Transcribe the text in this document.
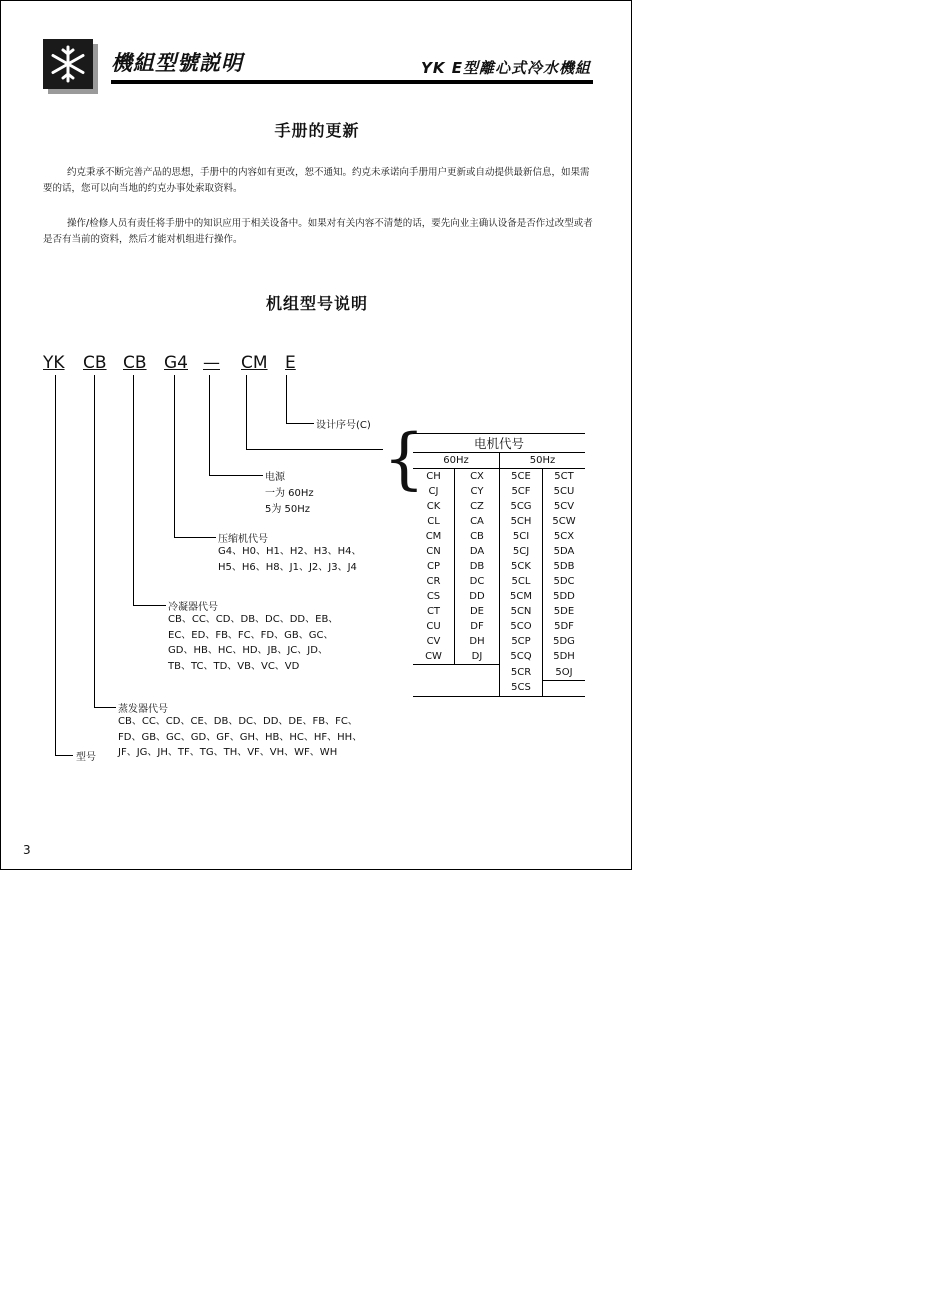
機組型號説明	YK E型離心式冷水機組
手册的更新
约克秉承不断完善产品的思想，手册中的内容如有更改，恕不通知。约克未承诺向手册用户更新或自动提供最新信息，如果需要的话，您可以向当地的约克办事处索取资料。
操作/检修人员有责任将手册中的知识应用于相关设备中。如果对有关内容不清楚的话，要先向业主确认设备是否作过改型或者是否有当前的资料，然后才能对机组进行操作。
机组型号说明
YK CB CB G4 — CM E
设计序号(C)
电源
一为 60Hz
5为 50Hz
压缩机代号
G4、H0、H1、H2、H3、H4、
H5、H6、H8、J1、J2、J3、J4
冷凝器代号
CB、CC、CD、DB、DC、DD、EB、
EC、ED、FB、FC、FD、GB、GC、
GD、HB、HC、HD、JB、JC、JD、
TB、TC、TD、VB、VC、VD
蒸发器代号
CB、CC、CD、CE、DB、DC、DD、DE、FB、FC、
FD、GB、GC、GD、GF、GH、HB、HC、HF、HH、
JF、JG、JH、TF、TG、TH、VF、VH、WF、WH
型号
{	电机代号			
60Hz		50Hz	
CH	CX	5CE	5CT
CJ	CY	5CF	5CU
CK	CZ	5CG	5CV
CL	CA	5CH	5CW
CM	CB	5CI	5CX
CN	DA	5CJ	5DA
CP	DB	5CK	5DB
CR	DC	5CL	5DC
CS	DD	5CM	5DD
CT	DE	5CN	5DE
CU	DF	5CO	5DF
CV	DH	5CP	5DG
CW	DJ	5CQ	5DH
		5CR	5OJ
		5CS	
3
